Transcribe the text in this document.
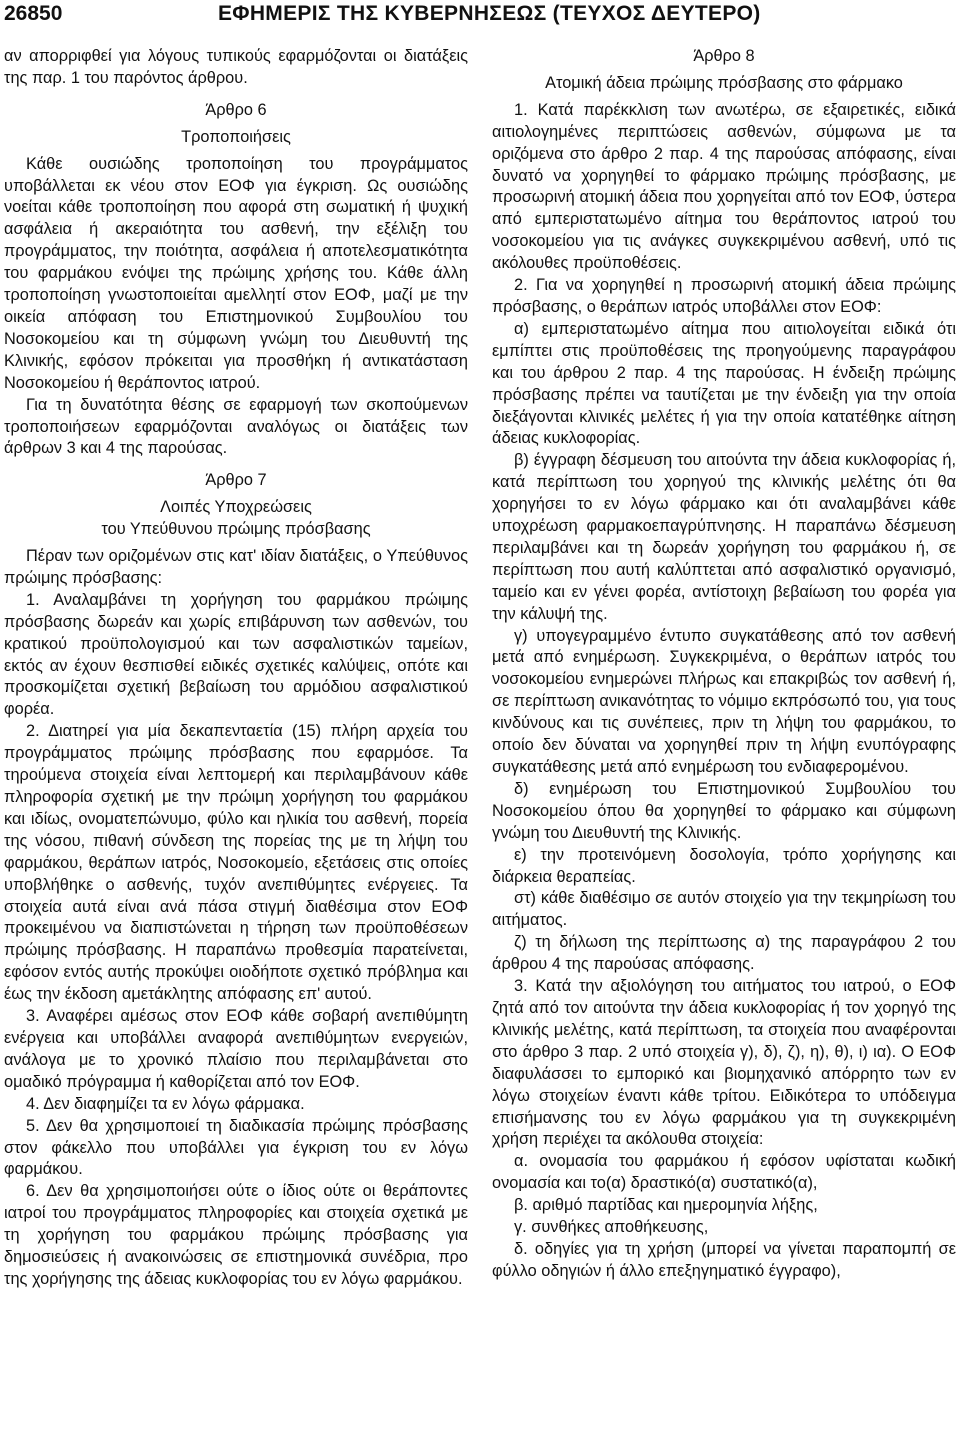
26850	ΕΦΗΜΕΡΙΣ ΤΗΣ ΚΥΒΕΡΝΗΣΕΩΣ (ΤΕΥΧΟΣ ΔΕΥΤΕΡΟ)

αν απορριφθεί για λόγους τυπικούς εφαρμόζονται οι διατάξεις της παρ. 1 του παρόντος άρθρου.

Άρθρο 6

Τροποποιήσεις

Κάθε ουσιώδης τροποποίηση του προγράμματος υποβάλλεται εκ νέου στον ΕΟΦ για έγκριση. Ως ουσιώδης νοείται κάθε τροποποίηση που αφορά στη σωματική ή ψυχική ασφάλεια ή ακεραιότητα του ασθενή, την εξέλιξη του προγράμματος, την ποιότητα, ασφάλεια ή αποτελεσματικότητα του φαρμάκου ενόψει της πρώιμης χρήσης του. Κάθε άλλη τροποποίηση γνωστοποιείται αμελλητί στον ΕΟΦ, μαζί με την οικεία απόφαση του Επιστημονικού Συμβουλίου του Νοσοκομείου και τη σύμφωνη γνώμη του Διευθυντή της Κλινικής, εφόσον πρόκειται για προσθήκη ή αντικατάσταση Νοσοκομείου ή θεράποντος ιατρού.

Για τη δυνατότητα θέσης σε εφαρμογή των σκοπούμενων τροποποιήσεων εφαρμόζονται αναλόγως οι διατάξεις των άρθρων 3 και 4 της παρούσας.

Άρθρο 7

Λοιπές Υποχρεώσεις

του Υπεύθυνου πρώιμης πρόσβασης

Πέραν των οριζομένων στις κατ' ιδίαν διατάξεις, ο Υπεύθυνος πρώιμης πρόσβασης:

1. Αναλαμβάνει τη χορήγηση του φαρμάκου πρώιμης πρόσβασης δωρεάν και χωρίς επιβάρυνση των ασθενών, του κρατικού προϋπολογισμού και των ασφαλιστικών ταμείων, εκτός αν έχουν θεσπισθεί ειδικές σχετικές καλύψεις, οπότε και προσκομίζεται σχετική βεβαίωση του αρμόδιου ασφαλιστικού φορέα.

2. Διατηρεί για μία δεκαπενταετία (15) πλήρη αρχεία του προγράμματος πρώιμης πρόσβασης που εφαρμόσε. Τα τηρούμενα στοιχεία είναι λεπτομερή και περιλαμβάνουν κάθε πληροφορία σχετική με την πρώιμη χορήγηση του φαρμάκου και ιδίως, ονοματεπώνυμο, φύλο και ηλικία του ασθενή, πορεία της νόσου, πιθανή σύνδεση της πορείας της με τη λήψη του φαρμάκου, θεράπων ιατρός, Νοσοκομείο, εξετάσεις στις οποίες υποβλήθηκε ο ασθενής, τυχόν ανεπιθύμητες ενέργειες. Τα στοιχεία αυτά είναι ανά πάσα στιγμή διαθέσιμα στον ΕΟΦ προκειμένου να διαπιστώνεται η τήρηση των προϋποθέσεων πρώιμης πρόσβασης. Η παραπάνω προθεσμία παρατείνεται, εφόσον εντός αυτής προκύψει οιοδήποτε σχετικό πρόβλημα και έως την έκδοση αμετάκλητης απόφασης επ' αυτού.

3. Αναφέρει αμέσως στον ΕΟΦ κάθε σοβαρή ανεπιθύμητη ενέργεια και υποβάλλει αναφορά ανεπιθύμητων ενεργειών, ανάλογα με το χρονικό πλαίσιο που περιλαμβάνεται στο ομαδικό πρόγραμμα ή καθορίζεται από τον ΕΟΦ.

4. Δεν διαφημίζει τα εν λόγω φάρμακα.

5. Δεν θα χρησιμοποιεί τη διαδικασία πρώιμης πρόσβασης στον φάκελλο που υποβάλλει για έγκριση του εν λόγω φαρμάκου.

6. Δεν θα χρησιμοποιήσει ούτε ο ίδιος ούτε οι θεράποντες ιατροί του προγράμματος πληροφορίες και στοιχεία σχετικά με τη χορήγηση του φαρμάκου πρώιμης πρόσβασης για δημοσιεύσεις ή ανακοινώσεις σε επιστημονικά συνέδρια, προ της χορήγησης της άδειας κυκλοφορίας του εν λόγω φαρμάκου.

Άρθρο 8

Ατομική άδεια πρώιμης πρόσβασης στο φάρμακο

1. Κατά παρέκκλιση των ανωτέρω, σε εξαιρετικές, ειδικά αιτιολογημένες περιπτώσεις ασθενών, σύμφωνα με τα οριζόμενα στο άρθρο 2 παρ. 4 της παρούσας απόφασης, είναι δυνατό να χορηγηθεί το φάρμακο πρώιμης πρόσβασης, με προσωρινή ατομική άδεια που χορηγείται από τον ΕΟΦ, ύστερα από εμπεριστατωμένο αίτημα του θεράποντος ιατρού του νοσοκομείου για τις ανάγκες συγκεκριμένου ασθενή, υπό τις ακόλουθες προϋποθέσεις.

2. Για να χορηγηθεί η προσωρινή ατομική άδεια πρώιμης πρόσβασης, ο θεράπων ιατρός υποβάλλει στον ΕΟΦ:

α) εμπεριστατωμένο αίτημα που αιτιολογείται ειδικά ότι εμπίπτει στις προϋποθέσεις της προηγούμενης παραγράφου και του άρθρου 2 παρ. 4 της παρούσας. Η ένδειξη πρώιμης πρόσβασης πρέπει να ταυτίζεται με την ένδειξη για την οποία διεξάγονται κλινικές μελέτες ή για την οποία κατατέθηκε αίτηση άδειας κυκλοφορίας.

β) έγγραφη δέσμευση του αιτούντα την άδεια κυκλοφορίας ή, κατά περίπτωση του χορηγού της κλινικής μελέτης ότι θα χορηγήσει το εν λόγω φάρμακο και ότι αναλαμβάνει κάθε υποχρέωση φαρμακοεπαγρύπνησης. Η παραπάνω δέσμευση περιλαμβάνει και τη δωρεάν χορήγηση του φαρμάκου ή, σε περίπτωση που αυτή καλύπτεται από ασφαλιστικό οργανισμό, ταμείο και εν γένει φορέα, αντίστοιχη βεβαίωση του φορέα για την κάλυψή της.

γ) υπογεγραμμένο έντυπο συγκατάθεσης από τον ασθενή μετά από ενημέρωση. Συγκεκριμένα, ο θεράπων ιατρός του νοσοκομείου ενημερώνει πλήρως και επακριβώς τον ασθενή ή, σε περίπτωση ανικανότητας το νόμιμο εκπρόσωπό του, για τους κινδύνους και τις συνέπειες, πριν τη λήψη του φαρμάκου, το οποίο δεν δύναται να χορηγηθεί πριν τη λήψη ενυπόγραφης συγκατάθεσης μετά από ενημέρωση του ενδιαφερομένου.

δ) ενημέρωση του Επιστημονικού Συμβουλίου του Νοσοκομείου όπου θα χορηγηθεί το φάρμακο και σύμφωνη γνώμη του Διευθυντή της Κλινικής.

ε) την προτεινόμενη δοσολογία, τρόπο χορήγησης και διάρκεια θεραπείας.

στ) κάθε διαθέσιμο σε αυτόν στοιχείο για την τεκμηρίωση του αιτήματος.

ζ) τη δήλωση της περίπτωσης α) της παραγράφου 2 του άρθρου 4 της παρούσας απόφασης.

3. Κατά την αξιολόγηση του αιτήματος του ιατρού, ο ΕΟΦ ζητά από τον αιτούντα την άδεια κυκλοφορίας ή τον χορηγό της κλινικής μελέτης, κατά περίπτωση, τα στοιχεία που αναφέρονται στο άρθρο 3 παρ. 2 υπό στοιχεία γ), δ), ζ), η), θ), ι) ια). Ο ΕΟΦ διαφυλάσσει το εμπορικό και βιομηχανικό απόρρητο των εν λόγω στοιχείων έναντι κάθε τρίτου. Ειδικότερα το υπόδειγμα επισήμανσης του εν λόγω φαρμάκου για τη συγκεκριμένη χρήση περιέχει τα ακόλουθα στοιχεία:

α. ονομασία του φαρμάκου ή εφόσον υφίσταται κωδική ονομασία και το(α) δραστικό(α) συστατικό(α),

β. αριθμό παρτίδας και ημερομηνία λήξης,

γ. συνθήκες αποθήκευσης,

δ. οδηγίες για τη χρήση (μπορεί να γίνεται παραπομπή σε φύλλο οδηγιών ή άλλο επεξηγηματικό έγγραφο),
